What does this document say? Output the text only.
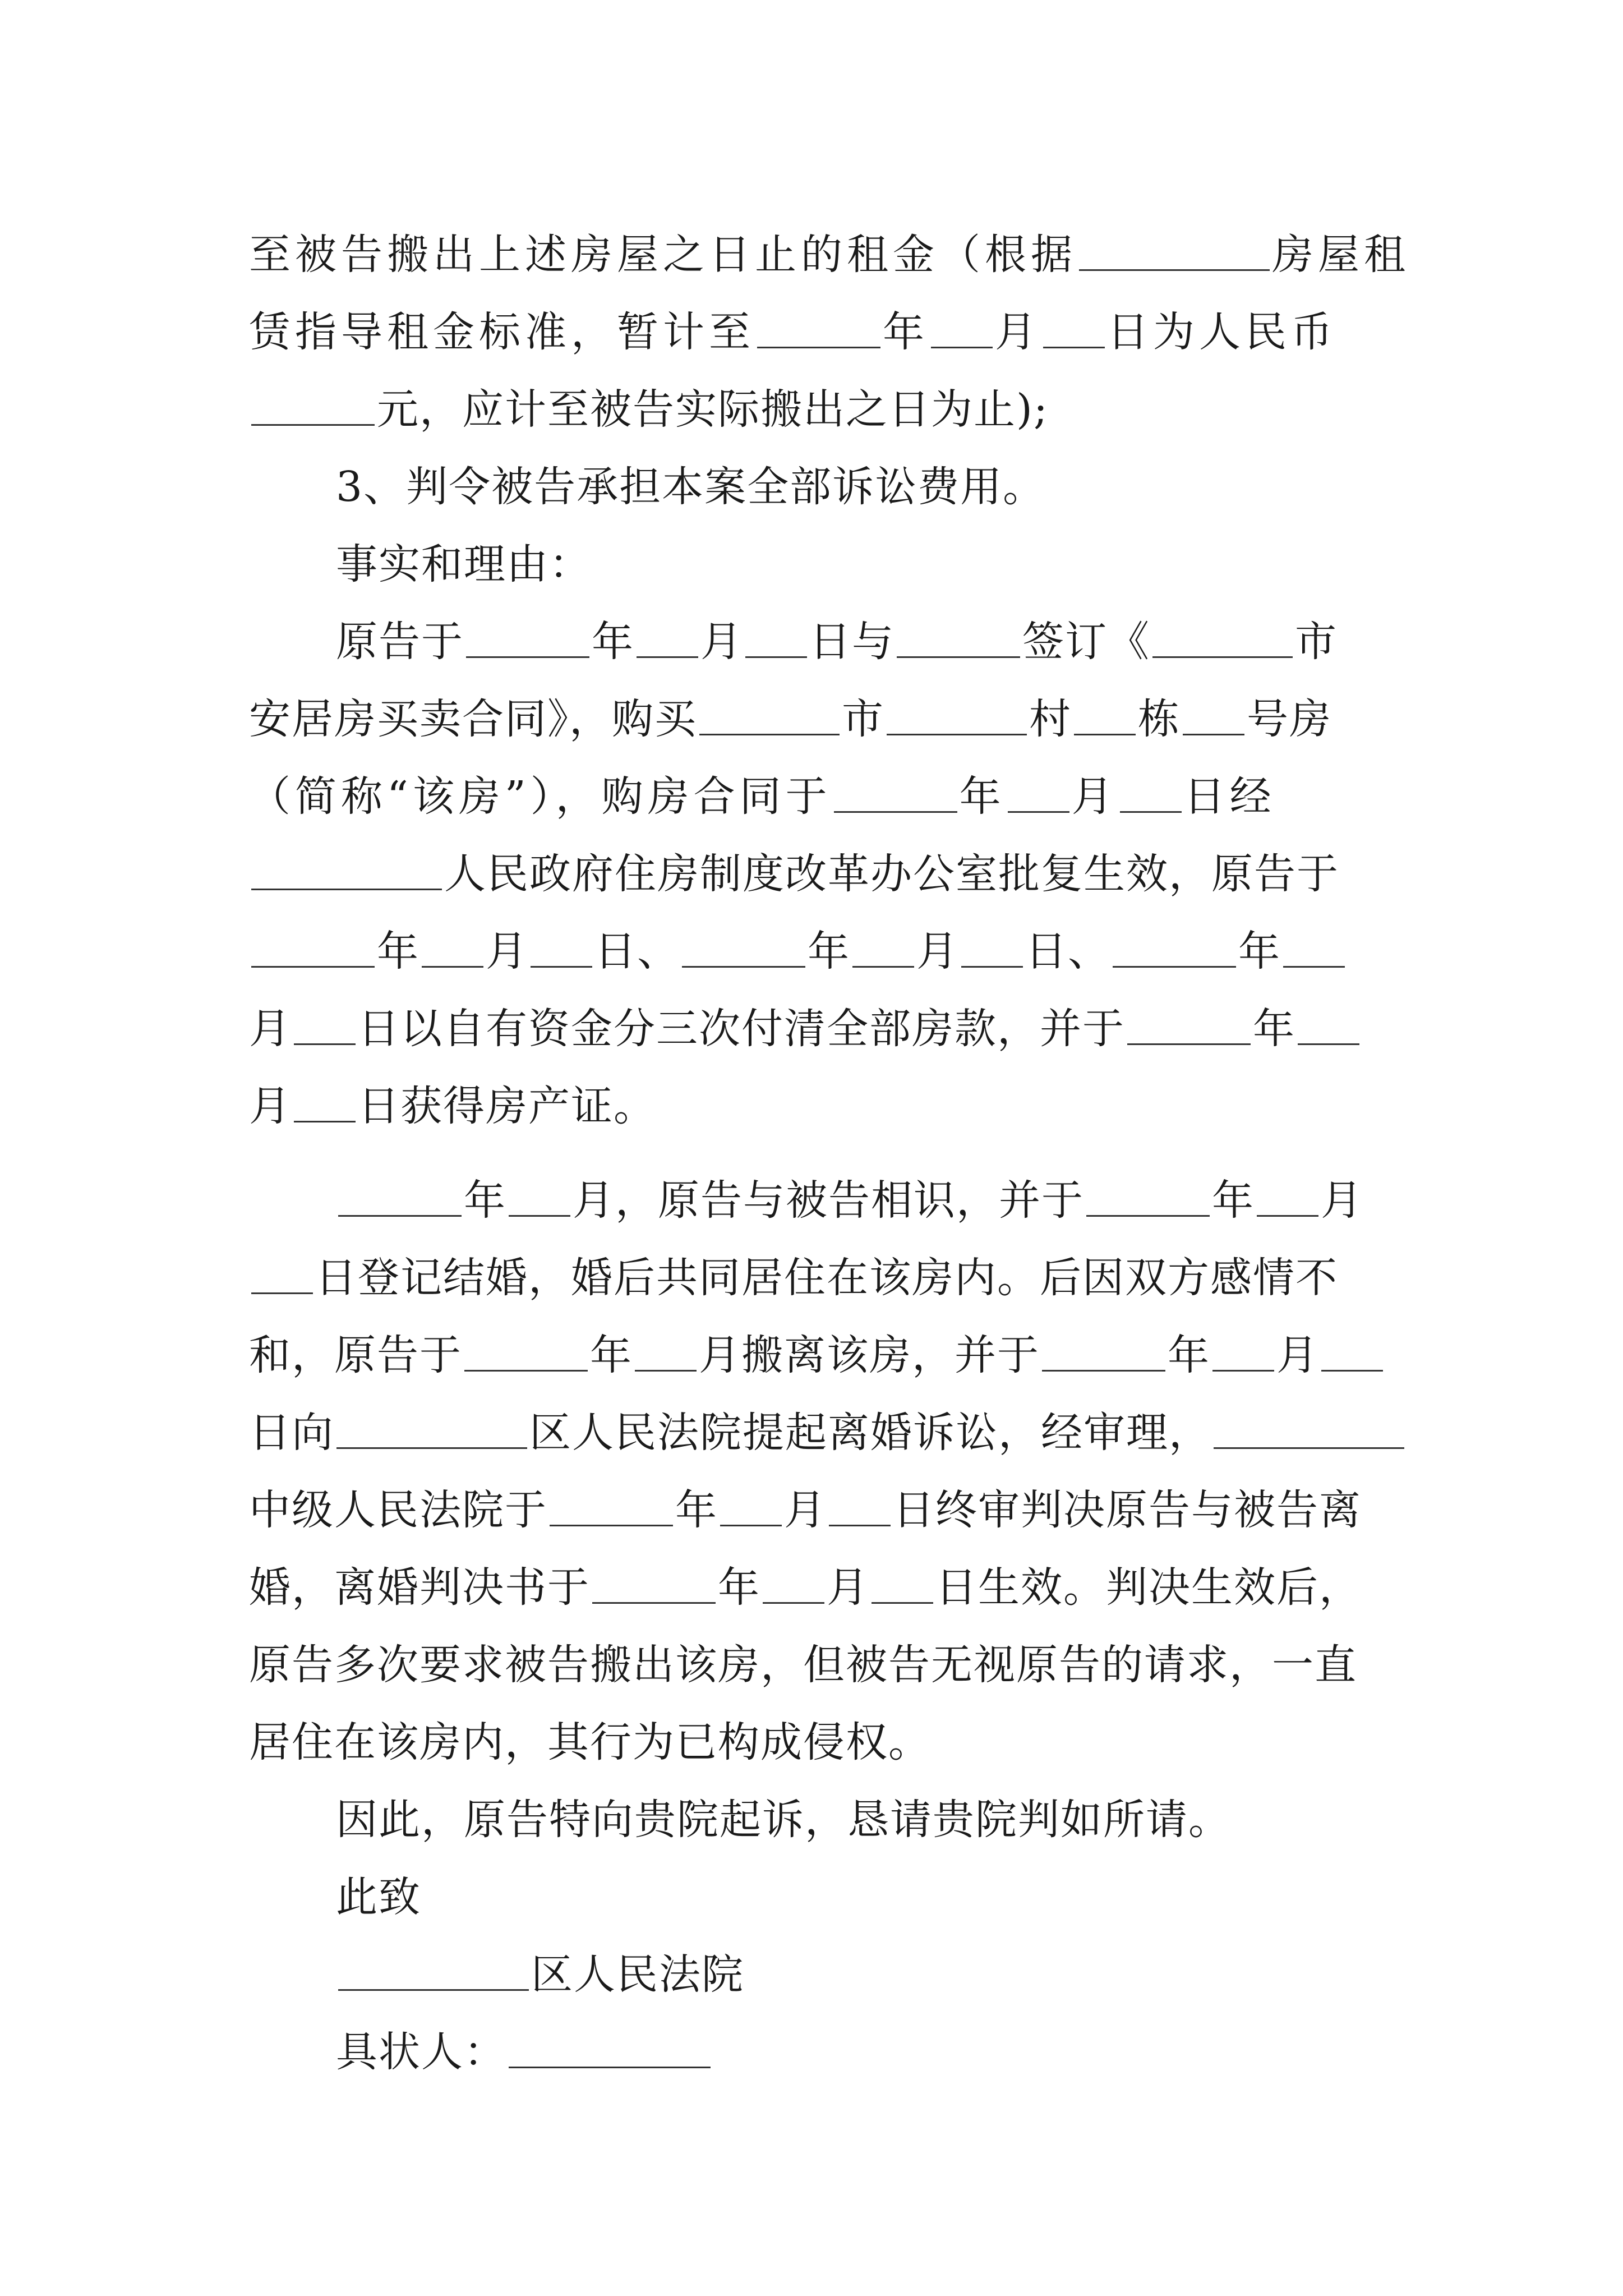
至被告搬出上述房屋之日止的租金（根据	房屋租
赁指导租金标准，暂计至	年 月 日为人民币
元，应计至被告实际搬出之日为止);
3、判令被告承担本案全部诉讼费用。
事实和理由：
原告于	年 月 日与	签订《	市
安居房买卖合同》，购买	市	村 栋 号房
（简称“该房”），购房合同于	年 月 日经
人民政府住房制度改革办公室批复生效，原告于
年 月 日、	年 月 日、	年
月 日以自有资金分三次付清全部房款，并于	年
月 日获得房产证。
年 月，原告与被告相识，并于	年 月
日登记结婚，婚后共同居住在该房内。后因双方感情不
和，原告于	年 月搬离该房，并于	年 月
日向	区人民法院提起离婚诉讼，经审理，
中级人民法院于	年 月 日终审判决原告与被告离
婚，离婚判决书于	年 月 日生效。判决生效后，
原告多次要求被告搬出该房，但被告无视原告的请求，一直
居住在该房内，其行为已构成侵权。
因此，原告特向贵院起诉，恳请贵院判如所请。
此致
区人民法院
具状人：
